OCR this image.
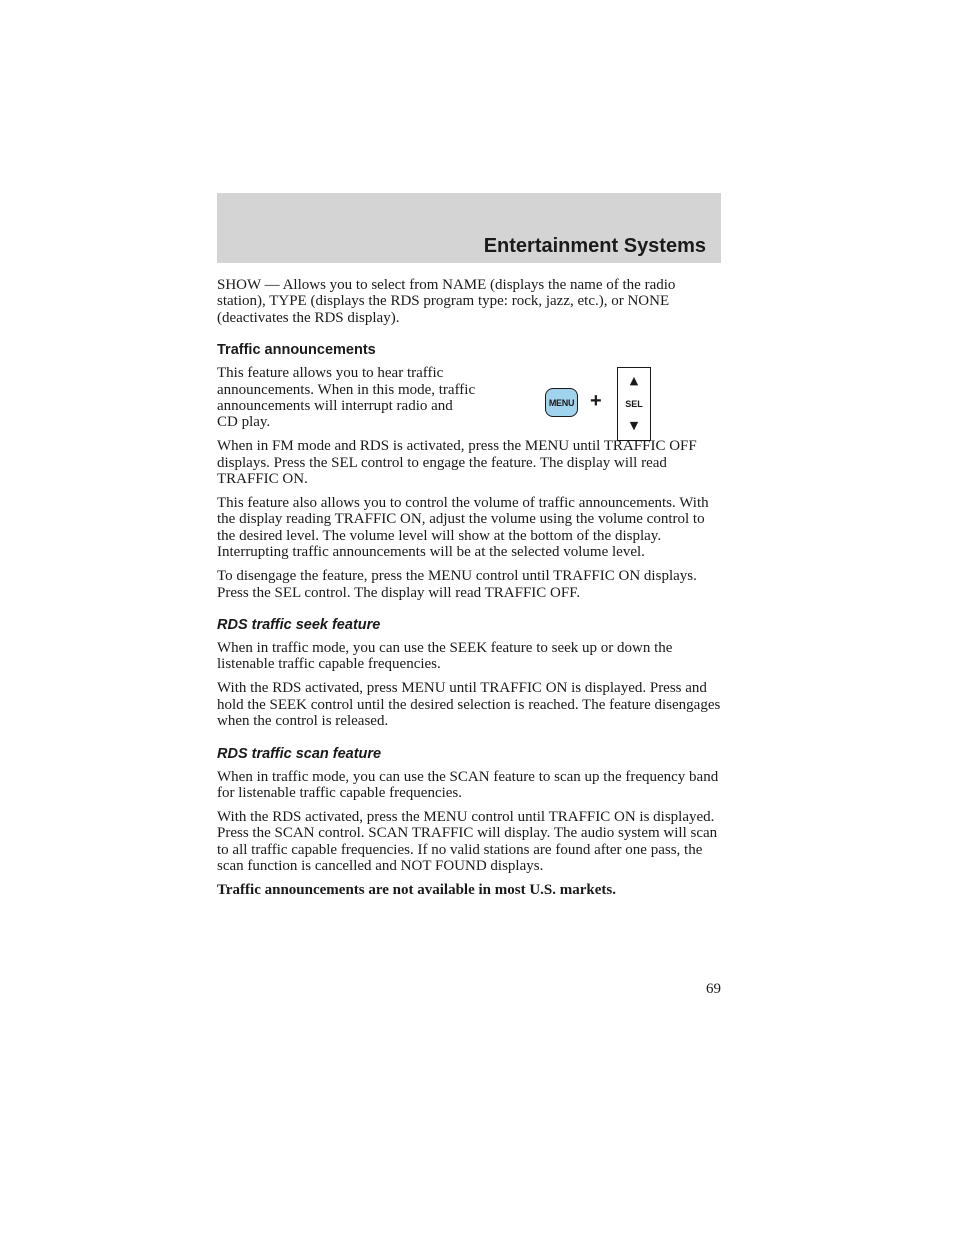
Entertainment Systems

SHOW — Allows you to select from NAME (displays the name of the radio station), TYPE (displays the RDS program type: rock, jazz, etc.), or NONE (deactivates the RDS display).

Traffic announcements

This feature allows you to hear traffic announcements. When in this mode, traffic announcements will interrupt radio and CD play.

When in FM mode and RDS is activated, press the MENU until TRAFFIC OFF displays. Press the SEL control to engage the feature. The display will read TRAFFIC ON.

This feature also allows you to control the volume of traffic announcements. With the display reading TRAFFIC ON, adjust the volume using the volume control to the desired level. The volume level will show at the bottom of the display. Interrupting traffic announcements will be at the selected volume level.

To disengage the feature, press the MENU control until TRAFFIC ON displays. Press the SEL control. The display will read TRAFFIC OFF.

RDS traffic seek feature

When in traffic mode, you can use the SEEK feature to seek up or down the listenable traffic capable frequencies.

With the RDS activated, press MENU until TRAFFIC ON is displayed. Press and hold the SEEK control until the desired selection is reached. The feature disengages when the control is released.

RDS traffic scan feature

When in traffic mode, you can use the SCAN feature to scan up the frequency band for listenable traffic capable frequencies.

With the RDS activated, press the MENU control until TRAFFIC ON is displayed. Press the SCAN control. SCAN TRAFFIC will display. The audio system will scan to all traffic capable frequencies. If no valid stations are found after one pass, the scan function is cancelled and NOT FOUND displays.

Traffic announcements are not available in most U.S. markets.

MENU +
▲
SEL
▼
69
